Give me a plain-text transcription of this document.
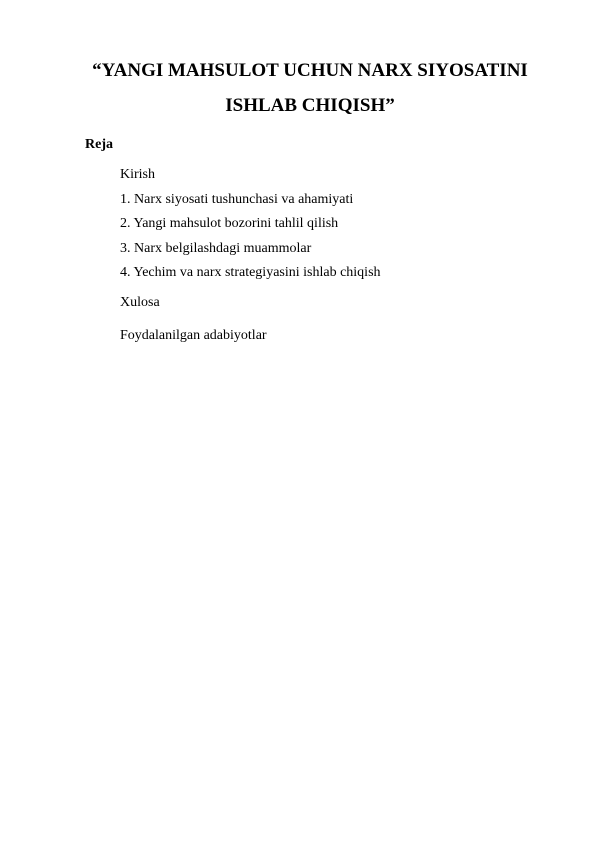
“YANGI MAHSULOT UCHUN NARX SIYOSATINI
ISHLAB CHIQISH”
Reja
Kirish
1. Narx siyosati tushunchasi va ahamiyati
2. Yangi mahsulot bozorini tahlil qilish
3. Narx belgilashdagi muammolar
4. Yechim va narx strategiyasini ishlab chiqish
Xulosa
Foydalanilgan adabiyotlar
